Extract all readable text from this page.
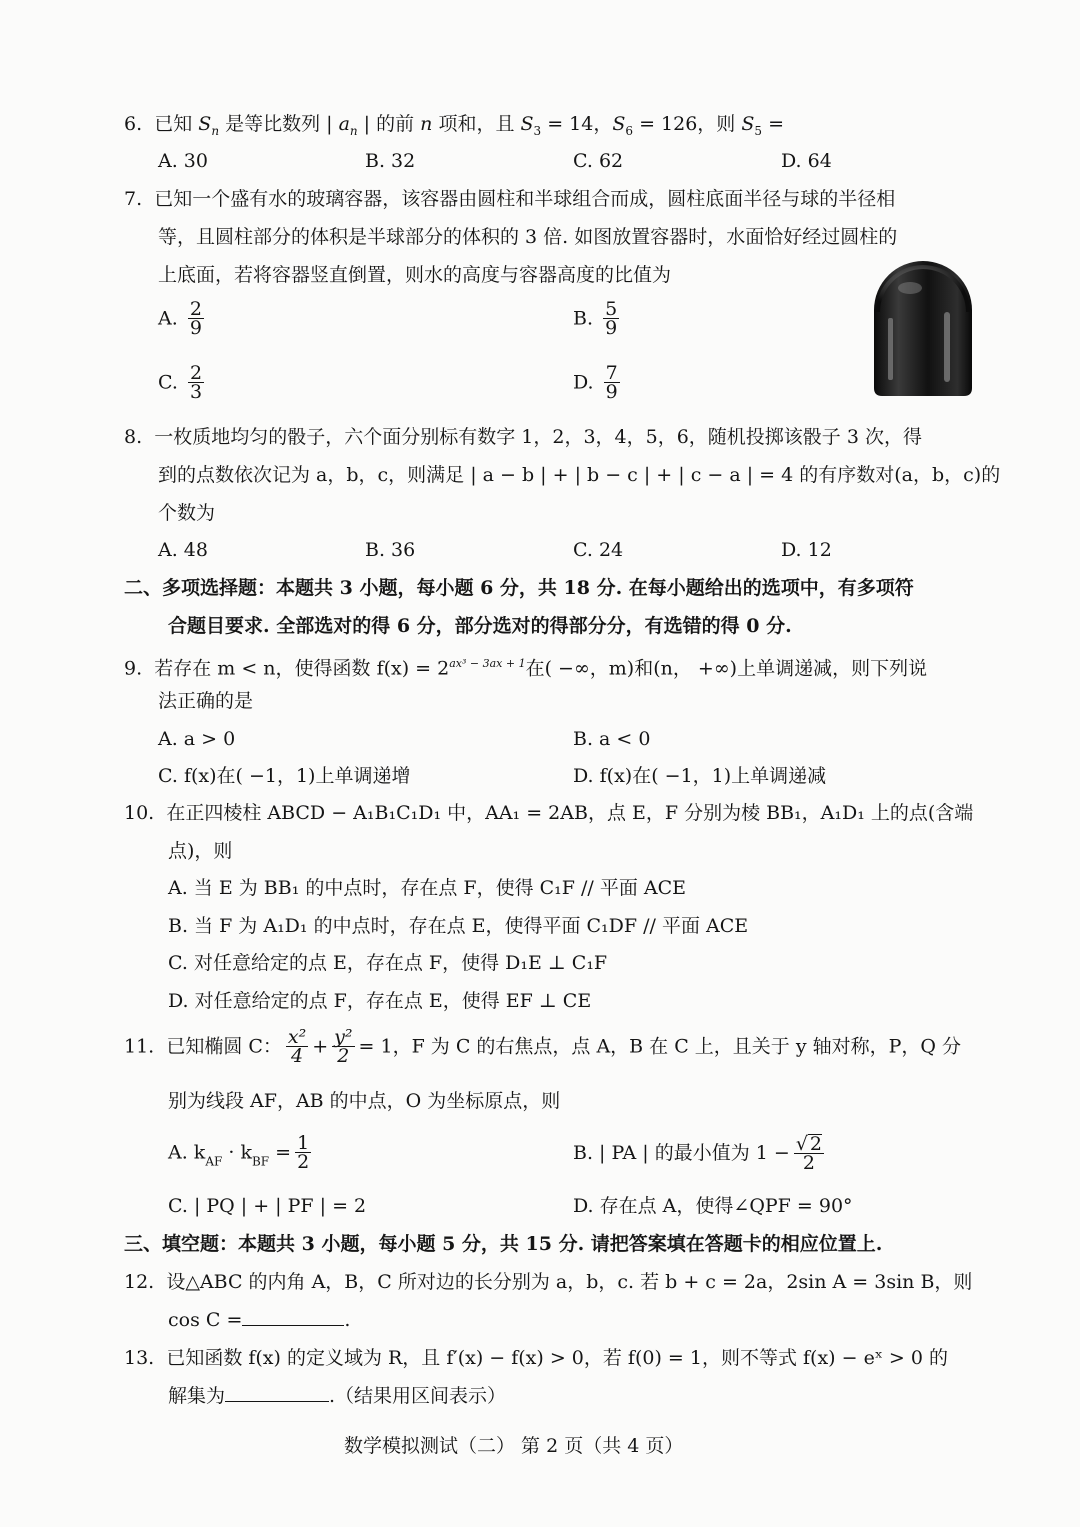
6. 已知 $S_n$ 是等比数列 | $a_n$ | 的前 n 项和，且 $S_3 = 14$，$S_6 = 126$，则 $S_5$ =
A. 30	B. 32	C. 62	D. 64
7. 已知一个盛有水的玻璃容器，该容器由圆柱和半球组合而成，圆柱底面半径与球的半径相
等，且圆柱部分的体积是半球部分的体积的 3 倍. 如图放置容器时，水面恰好经过圆柱的
上底面，若将容器竖直倒置，则水的高度与容器高度的比值为
A. $\frac{2}{9}$	B. $\frac{5}{9}$
C. $\frac{2}{3}$	D. $\frac{7}{9}$
8. 一枚质地均匀的骰子，六个面分别标有数字 1，2，3，4，5，6，随机投掷该骰子 3 次，得
到的点数依次记为 a，b，c，则满足 | a − b | + | b − c | + | c − a | = 4 的有序数对(a，b，c)的
个数为
A. 48	B. 36	C. 24	D. 12
二、多项选择题：本题共 3 小题，每小题 6 分，共 18 分. 在每小题给出的选项中，有多项符
合题目要求. 全部选对的得 6 分，部分选对的得部分分，有选错的得 0 分.
9. 若存在 m < n，使得函数 $f(x) = 2^{ax^3 - 3ax + 1}$在( −∞，m)和(n， +∞)上单调递减，则下列说
法正确的是
A. a > 0	B. a < 0
C. f(x)在( −1，1)上单调递增	D. f(x)在( −1，1)上单调递减
10. 在正四棱柱 ABCD − A₁B₁C₁D₁ 中，AA₁ = 2AB，点 E，F 分别为棱 BB₁，A₁D₁ 上的点(含端
点)，则
A. 当 E 为 BB₁ 的中点时，存在点 F，使得 C₁F // 平面 ACE
B. 当 F 为 A₁D₁ 的中点时，存在点 E，使得平面 C₁DF // 平面 ACE
C. 对任意给定的点 E，存在点 F，使得 D₁E ⊥ C₁F
D. 对任意给定的点 F，存在点 E，使得 EF ⊥ CE
11. 已知椭圆 C： $\frac{\text{x²}}{4} + \frac{\text{y²}}{2} = 1$，F 为 C 的右焦点，点 A，B 在 C 上，且关于 y 轴对称，P，Q 分
别为线段 AF，AB 的中点，O 为坐标原点，则
A. $k_{AF} \cdot k_{BF} = \frac{1}{2}$	B. | PA | 的最小值为 $1 - \frac{√ 2}{2}$
C. | PQ | + | PF | = 2	D. 存在点 A，使得∠QPF = 90°
三、填空题：本题共 3 小题，每小题 5 分，共 15 分. 请把答案填在答题卡的相应位置上.
12. 设△ABC 的内角 A，B，C 所对边的长分别为 a，b，c. 若 b + c = 2a，2sin A = 3sin B，则
cos C =	.
13. 已知函数 f(x) 的定义域为 R，且 f′(x) − f(x) > 0，若 f(0) = 1，则不等式 f(x) − eˣ > 0 的
解集为	.（结果用区间表示）
数学模拟测试（二） 第 2 页（共 4 页）
